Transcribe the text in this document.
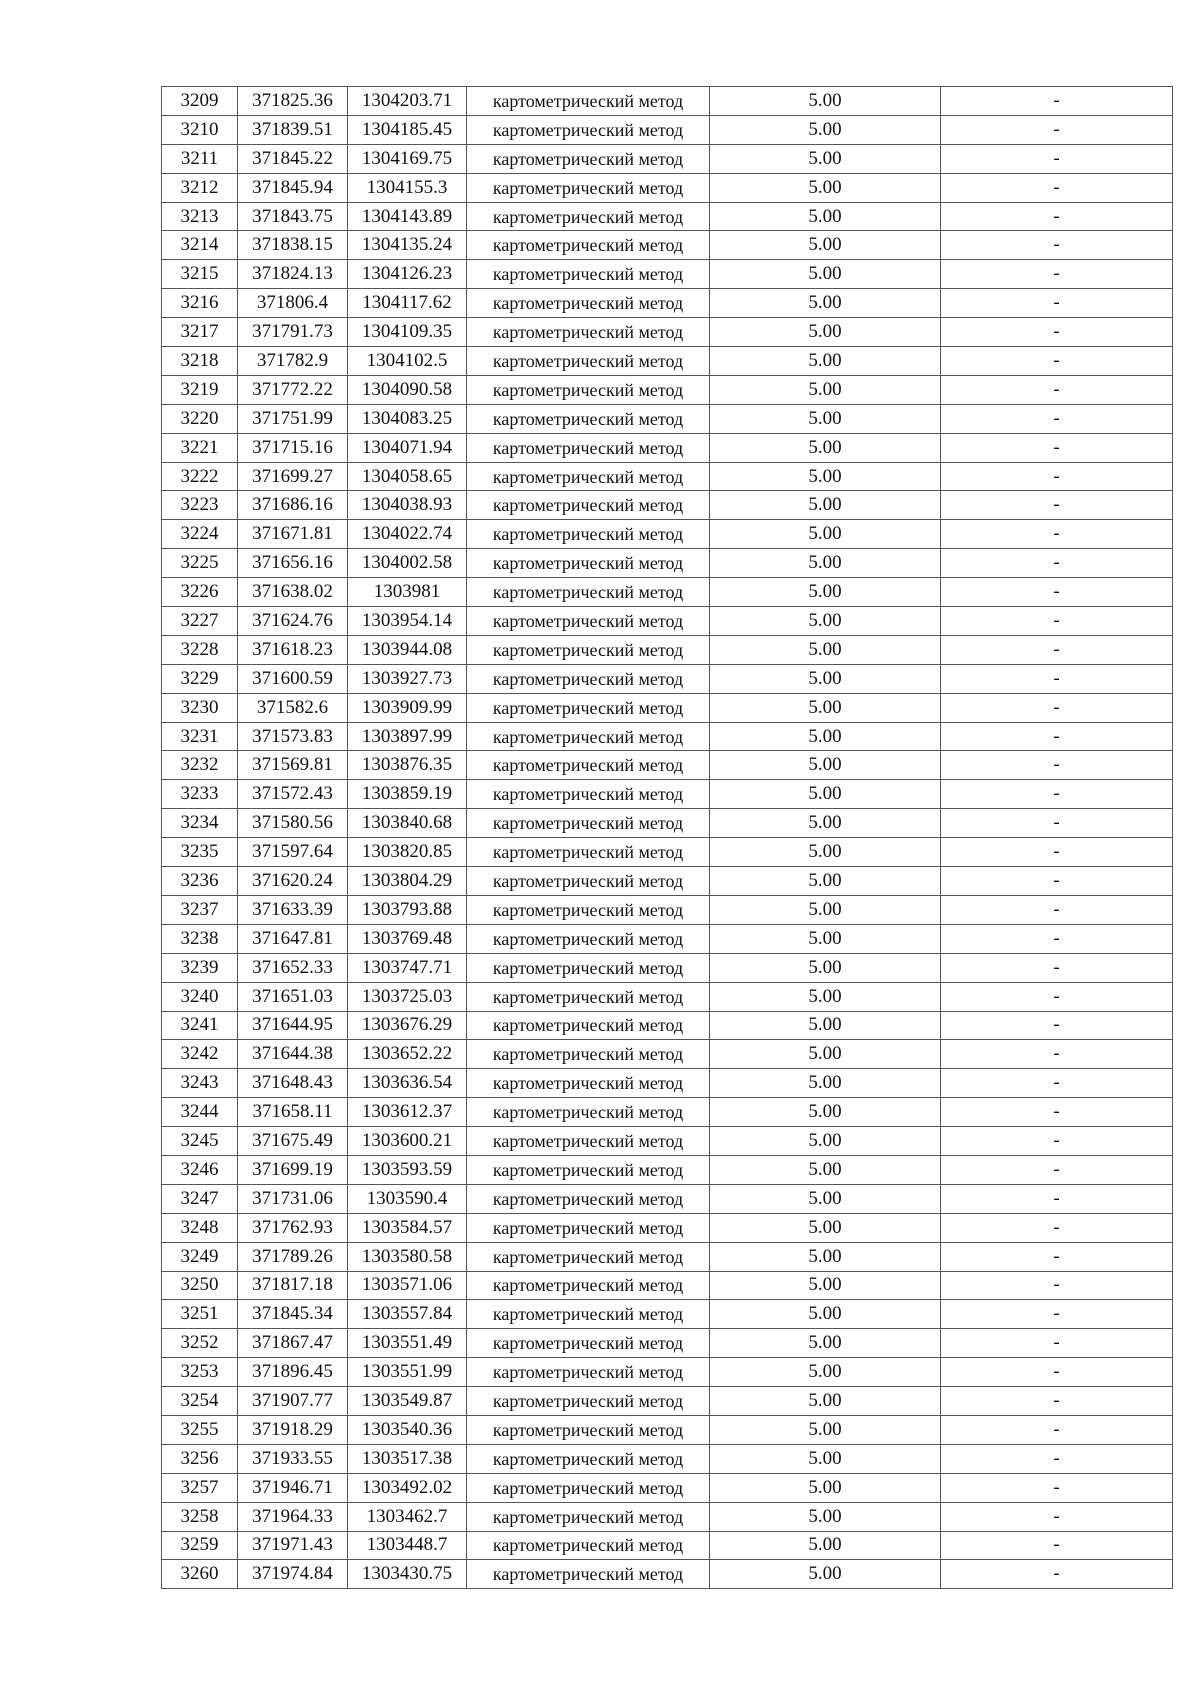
3209	371825.36	1304203.71	картометрический метод	5.00	-
3210	371839.51	1304185.45	картометрический метод	5.00	-
3211	371845.22	1304169.75	картометрический метод	5.00	-
3212	371845.94	1304155.3	картометрический метод	5.00	-
3213	371843.75	1304143.89	картометрический метод	5.00	-
3214	371838.15	1304135.24	картометрический метод	5.00	-
3215	371824.13	1304126.23	картометрический метод	5.00	-
3216	371806.4	1304117.62	картометрический метод	5.00	-
3217	371791.73	1304109.35	картометрический метод	5.00	-
3218	371782.9	1304102.5	картометрический метод	5.00	-
3219	371772.22	1304090.58	картометрический метод	5.00	-
3220	371751.99	1304083.25	картометрический метод	5.00	-
3221	371715.16	1304071.94	картометрический метод	5.00	-
3222	371699.27	1304058.65	картометрический метод	5.00	-
3223	371686.16	1304038.93	картометрический метод	5.00	-
3224	371671.81	1304022.74	картометрический метод	5.00	-
3225	371656.16	1304002.58	картометрический метод	5.00	-
3226	371638.02	1303981	картометрический метод	5.00	-
3227	371624.76	1303954.14	картометрический метод	5.00	-
3228	371618.23	1303944.08	картометрический метод	5.00	-
3229	371600.59	1303927.73	картометрический метод	5.00	-
3230	371582.6	1303909.99	картометрический метод	5.00	-
3231	371573.83	1303897.99	картометрический метод	5.00	-
3232	371569.81	1303876.35	картометрический метод	5.00	-
3233	371572.43	1303859.19	картометрический метод	5.00	-
3234	371580.56	1303840.68	картометрический метод	5.00	-
3235	371597.64	1303820.85	картометрический метод	5.00	-
3236	371620.24	1303804.29	картометрический метод	5.00	-
3237	371633.39	1303793.88	картометрический метод	5.00	-
3238	371647.81	1303769.48	картометрический метод	5.00	-
3239	371652.33	1303747.71	картометрический метод	5.00	-
3240	371651.03	1303725.03	картометрический метод	5.00	-
3241	371644.95	1303676.29	картометрический метод	5.00	-
3242	371644.38	1303652.22	картометрический метод	5.00	-
3243	371648.43	1303636.54	картометрический метод	5.00	-
3244	371658.11	1303612.37	картометрический метод	5.00	-
3245	371675.49	1303600.21	картометрический метод	5.00	-
3246	371699.19	1303593.59	картометрический метод	5.00	-
3247	371731.06	1303590.4	картометрический метод	5.00	-
3248	371762.93	1303584.57	картометрический метод	5.00	-
3249	371789.26	1303580.58	картометрический метод	5.00	-
3250	371817.18	1303571.06	картометрический метод	5.00	-
3251	371845.34	1303557.84	картометрический метод	5.00	-
3252	371867.47	1303551.49	картометрический метод	5.00	-
3253	371896.45	1303551.99	картометрический метод	5.00	-
3254	371907.77	1303549.87	картометрический метод	5.00	-
3255	371918.29	1303540.36	картометрический метод	5.00	-
3256	371933.55	1303517.38	картометрический метод	5.00	-
3257	371946.71	1303492.02	картометрический метод	5.00	-
3258	371964.33	1303462.7	картометрический метод	5.00	-
3259	371971.43	1303448.7	картометрический метод	5.00	-
3260	371974.84	1303430.75	картометрический метод	5.00	-
